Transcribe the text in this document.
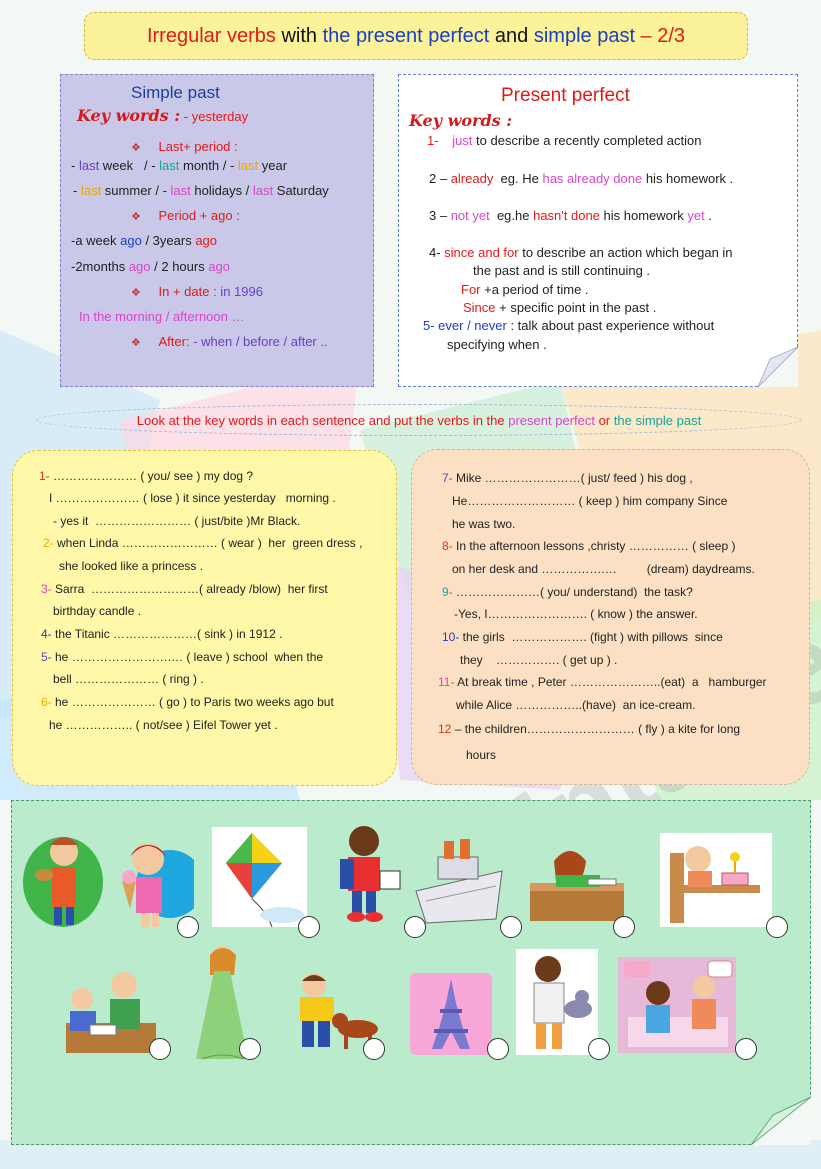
Irregular verbs with the present perfect and simple past – 2/3
Simple past
Key words : - yesterday
❖ Last+ period :
- last week   / - last month / - last year
- last summer / - last holidays / last Saturday
❖ Period + ago :
-a week ago / 3years ago
-2months ago / 2 hours ago
❖ In + date : in 1996
In the morning / afternoon …
❖ After: - when / before / after ..
Present perfect
Key words :
1- just to describe a recently completed action
2 – already  eg. He has already done his homework .
3 – not yet  eg.he hasn't done his homework yet .
4- since and for to describe an action which began in
the past and is still continuing .
For +a period of time .
Since + specific point in the past .
5- ever / never : talk about past experience without
specifying when .
Look at the key words in each sentence and put the verbs in the present perfect or the simple past
1- ………………… ( you/ see ) my dog ?
I ………………… ( lose ) it since yesterday   morning .
- yes it  …………………… ( just/bite )Mr Black.
2- when Linda …………………… ( wear )  her  green dress ,
she looked like a princess .
3- Sarra  ………………………( already /blow)  her first
birthday candle .
4- the Titanic …………………( sink ) in 1912 .
5- he …………………….… ( leave ) school  when the
bell ………………… ( ring ) .
6- he ………………… ( go ) to Paris two weeks ago but
he …………….. ( not/see ) Eifel Tower yet .
7- Mike ……………………( just/ feed ) his dog ,
He……………………… ( keep ) him company Since
he was two.
8- In the afternoon lessons ,christy …………… ( sleep )
on her desk and …………….…         (dream) daydreams.
9- …………………( you/ understand)  the task?
-Yes, I……………………. ( know ) the answer.
10- the girls  ………………. (fight ) with pillows  since
they    ……………. ( get up ) .
11- At break time , Peter …………………..(eat)  a   hamburger
while Alice ……………..(have)  an ice-cream.
12 – the children……………………… ( fly ) a kite for long
hours
